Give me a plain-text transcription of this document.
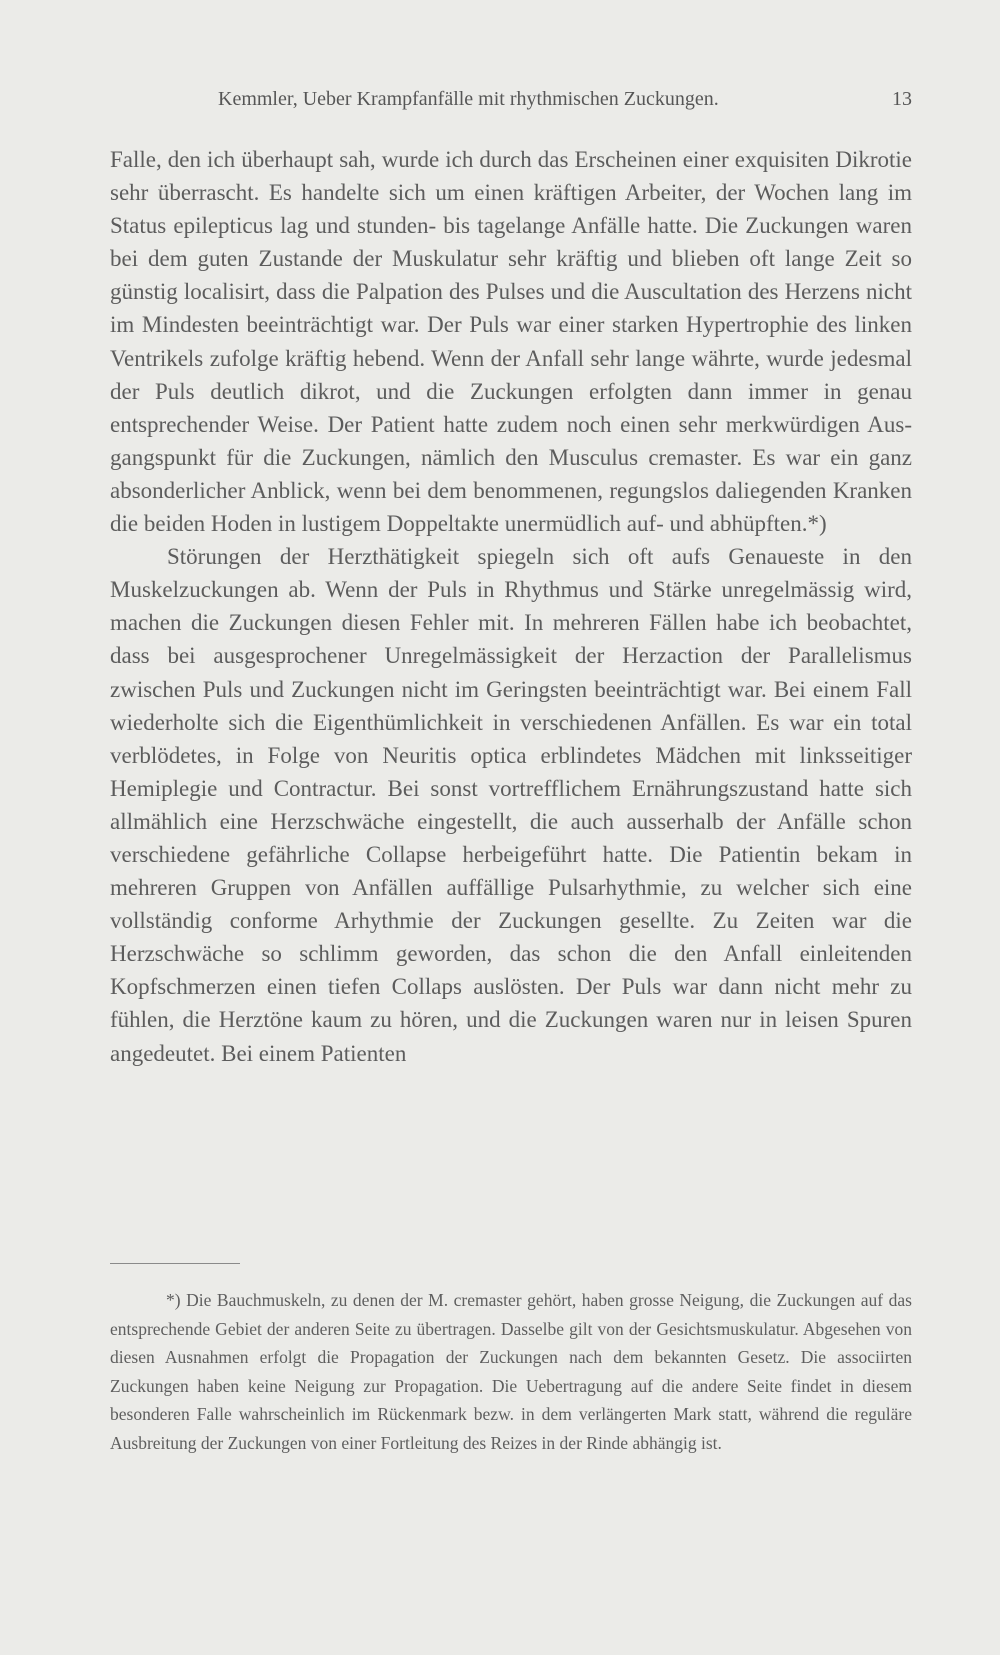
Kemmler, Ueber Krampfanfälle mit rhythmischen Zuckungen.	13

Falle, den ich überhaupt sah, wurde ich durch das Erscheinen einer exquisiten Dikrotie sehr überrascht. Es handelte sich um einen kräftigen Arbeiter, der Wochen lang im Status epilepticus lag und stunden- bis tagelange Anfälle hatte. Die Zuckungen waren bei dem guten Zustande der Muskulatur sehr kräftig und blieben oft lange Zeit so günstig localisirt, dass die Palpation des Pulses und die Auscultation des Herzens nicht im Mindesten beeinträchtigt war. Der Puls war einer starken Hypertrophie des linken Ventrikels zufolge kräftig hebend. Wenn der Anfall sehr lange währte, wurde jedesmal der Puls deutlich dikrot, und die Zuckungen erfolgten dann immer in genau entsprechender Weise. Der Patient hatte zudem noch einen sehr merkwürdigen Ausgangspunkt für die Zuckungen, nämlich den Musculus cremaster. Es war ein ganz absonderlicher Anblick, wenn bei dem benommenen, regungslos daliegenden Kranken die beiden Hoden in lustigem Doppeltakte unermüdlich auf- und abhüpften.*)

Störungen der Herzthätigkeit spiegeln sich oft aufs Genaueste in den Muskelzuckungen ab. Wenn der Puls in Rhythmus und Stärke unregelmässig wird, machen die Zuckungen diesen Fehler mit. In mehreren Fällen habe ich beobachtet, dass bei ausgesprochener Unregelmässigkeit der Herzaction der Parallelismus zwischen Puls und Zuckungen nicht im Geringsten beeinträchtigt war. Bei einem Fall wiederholte sich die Eigenthümlichkeit in verschiedenen Anfällen. Es war ein total verblödetes, in Folge von Neuritis optica erblindetes Mädchen mit linksseitiger Hemiplegie und Contractur. Bei sonst vortrefflichem Ernährungszustand hatte sich allmählich eine Herzschwäche eingestellt, die auch ausserhalb der Anfälle schon verschiedene gefährliche Collapse herbeigeführt hatte. Die Patientin bekam in mehreren Gruppen von Anfällen auffällige Pulsarhythmie, zu welcher sich eine vollständig conforme Arhythmie der Zuckungen gesellte. Zu Zeiten war die Herzschwäche so schlimm geworden, das schon die den Anfall einleitenden Kopfschmerzen einen tiefen Collaps auslösten. Der Puls war dann nicht mehr zu fühlen, die Herztöne kaum zu hören, und die Zuckungen waren nur in leisen Spuren angedeutet. Bei einem Patienten

*) Die Bauchmuskeln, zu denen der M. cremaster gehört, haben grosse Neigung, die Zuckungen auf das entsprechende Gebiet der anderen Seite zu übertragen. Dasselbe gilt von der Gesichtsmuskulatur. Abgesehen von diesen Ausnahmen erfolgt die Propagation der Zuckungen nach dem bekannten Gesetz. Die associirten Zuckungen haben keine Neigung zur Propagation. Die Uebertragung auf die andere Seite findet in diesem besonderen Falle wahrscheinlich im Rückenmark bezw. in dem verlängerten Mark statt, während die reguläre Ausbreitung der Zuckungen von einer Fortleitung des Reizes in der Rinde abhängig ist.
